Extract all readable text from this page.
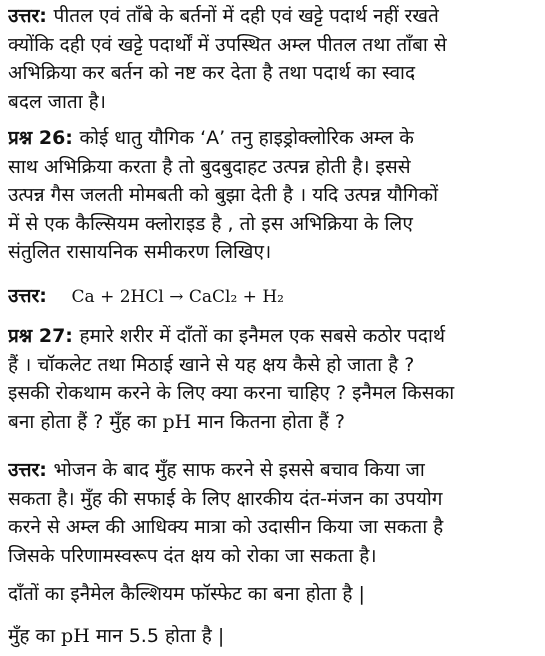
उत्तर: पीतल एवं ताँबे के बर्तनों में दही एवं खट्टे पदार्थ नहीं रखते
क्योंकि दही एवं खट्टे पदार्थों में उपस्थित अम्ल पीतल तथा ताँबा से
अभिक्रिया कर बर्तन को नष्ट कर देता है तथा पदार्थ का स्वाद
बदल जाता है।

प्रश्न 26: कोई धातु यौगिक ‘A’ तनु हाइड्रोक्लोरिक अम्ल के
साथ अभिक्रिया करता है तो बुदबुदाहट उत्पन्न होती है। इससे
उत्पन्न गैस जलती मोमबती को बुझा देती है । यदि उत्पन्न यौगिकों
में से एक कैल्सियम क्लोराइड है , तो इस अभिक्रिया के लिए
संतुलित रासायनिक समीकरण लिखिए।

उत्तर: Ca + 2HCl → CaCl₂ + H₂

प्रश्न 27: हमारे शरीर में दाँतों का इनैमल एक सबसे कठोर पदार्थ
हैं । चॉकलेट तथा मिठाई खाने से यह क्षय कैसे हो जाता है ?
इसकी रोकथाम करने के लिए क्या करना चाहिए ? इनैमल किसका
बना होता हैं ? मुँह का pH मान कितना होता हैं ?

उत्तर: भोजन के बाद मुँह साफ करने से इससे बचाव किया जा
सकता है। मुँह की सफाई के लिए क्षारकीय दंत-मंजन का उपयोग
करने से अम्ल की आधिक्य मात्रा को उदासीन किया जा सकता है
जिसके परिणामस्वरूप दंत क्षय को रोका जा सकता है।

दाँतों का इनैमेल कैल्शियम फॉस्फेट का बना होता है |

मुँह का pH मान 5.5 होता है |
